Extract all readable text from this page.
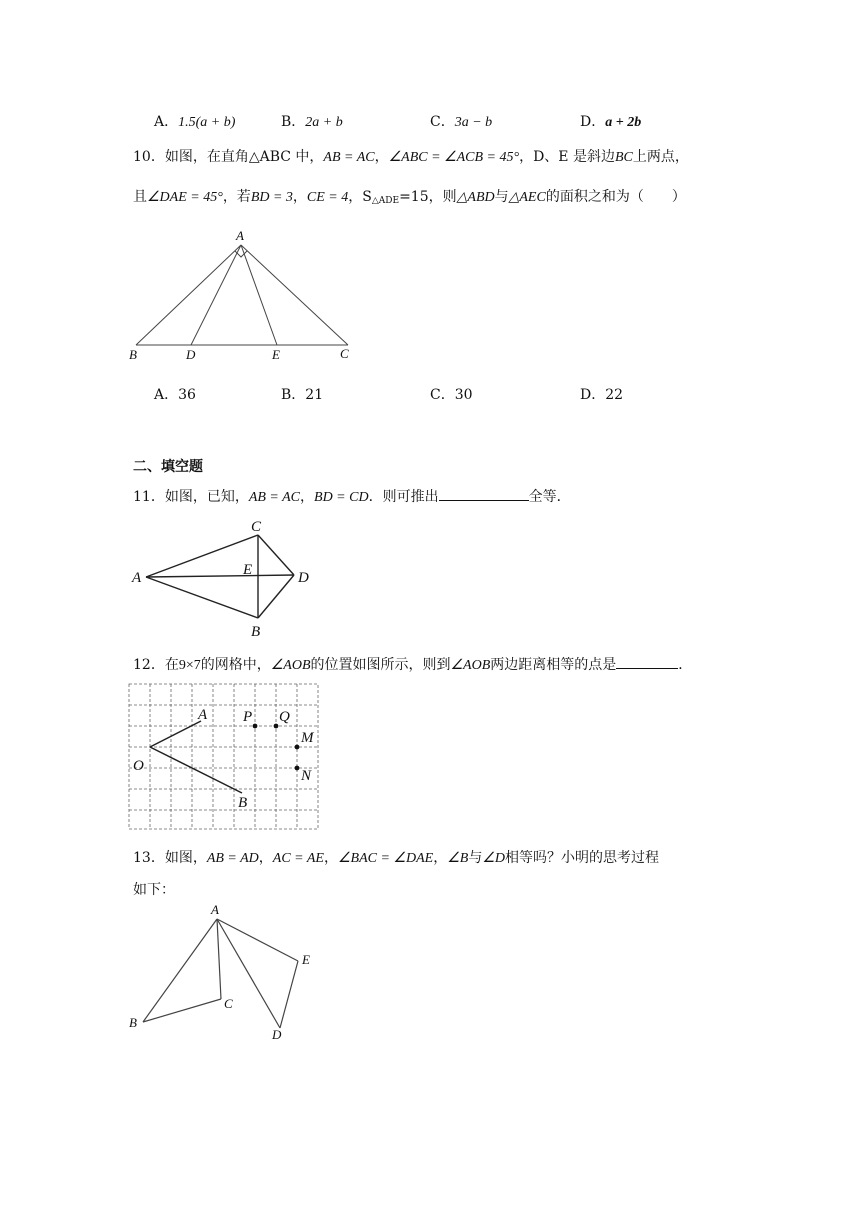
A．1.5(a + b)	B．2a + b	C．3a − b	D．a + 2b
10．如图，在直角△ABC 中，AB = AC，∠ABC = ∠ACB = 45°，D、E 是斜边BC上两点，
且∠DAE = 45°，若BD = 3，CE = 4，$S_{\triangle ADE}=15$，则△ABD与△AEC的面积之和为（　　）
A
B	D	E	C
A．36	B．21	C．30	D．22
二、填空题
11．如图，已知，AB = AC，BD = CD．则可推出	全等．
C
A	E	D
B
12．在9×7的网格中，∠AOB的位置如图所示，则到∠AOB两边距离相等的点是	．
A
O
B
P Q
M
N
13．如图，AB = AD，AC = AE，∠BAC = ∠DAE，∠B与∠D相等吗？小明的思考过程
如下：
A
B
C
D
E
